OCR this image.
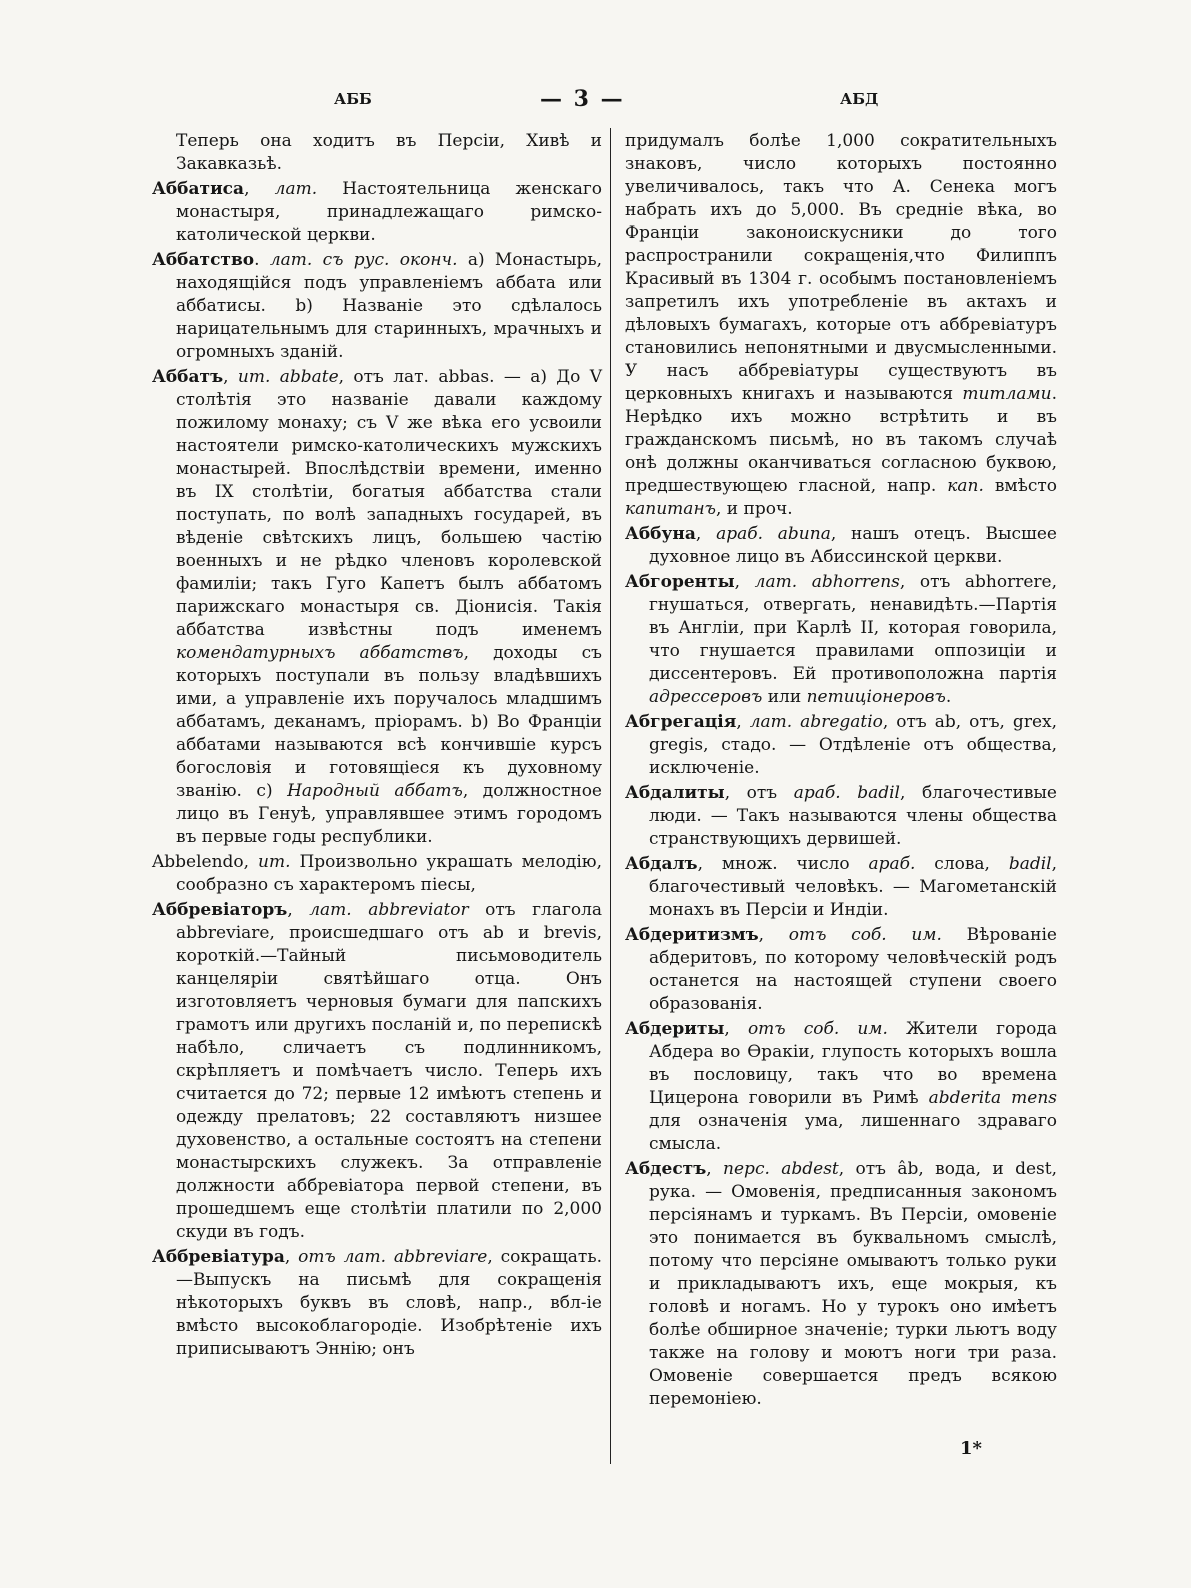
АББ	— 3 —	АБД

Теперь она ходитъ въ Персіи, Хивѣ и Закавказьѣ.

Аббатиса, лат. Настоятельница женскаго монастыря, принадлежащаго римско-католической церкви.

Аббатство. лат. съ рус. оконч. а) Монастырь, находящійся подъ управленіемъ аббата или аббатисы. b) Названіе это сдѣлалось нарицательнымъ для старинныхъ, мрачныхъ и огромныхъ зданій.

Аббатъ, ит. abbate, отъ лат. abbas. — а) До V столѣтія это названіе давали каждому пожилому монаху; съ V же вѣка его усвоили настоятели римско-католическихъ мужскихъ монастырей. Впослѣдствіи времени, именно въ IX столѣтіи, богатыя аббатства стали поступать, по волѣ западныхъ государей, въ вѣденіе свѣтскихъ лицъ, большею частію военныхъ и не рѣдко членовъ королевской фамиліи; такъ Гуго Капетъ былъ аббатомъ парижскаго монастыря св. Діонисія. Такія аббатства извѣстны подъ именемъ комендатурныхъ аббатствъ, доходы съ которыхъ поступали въ пользу владѣвшихъ ими, а управленіе ихъ поручалось младшимъ аббатамъ, деканамъ, пріорамъ. b) Во Франціи аббатами называются всѣ кончившіе курсъ богословія и готовящіеся къ духовному званію. с) Народный аббатъ, должностное лицо въ Генуѣ, управлявшее этимъ городомъ въ первые годы республики.

Abbelendo, ит. Произвольно украшать мелодію, сообразно съ характеромъ піесы,

Аббревіаторъ, лат. abbreviator отъ глагола abbreviare, происшедшаго отъ ab и brevis, короткій.—Тайный письмоводитель канцеляріи святѣйшаго отца. Онъ изготовляетъ черновыя бумаги для папскихъ грамотъ или другихъ посланій и, по перепискѣ набѣло, сличаетъ съ подлинникомъ, скрѣпляетъ и помѣчаетъ число. Теперь ихъ считается до 72; первые 12 имѣютъ степень и одежду прелатовъ; 22 составляютъ низшее духовенство, а остальные состоятъ на степени монастырскихъ служекъ. За отправленіе должности аббревіатора первой степени, въ прошедшемъ еще столѣтіи платили по 2,000 скуди въ годъ.

Аббревіатура, отъ лат. abbreviare, сокращать.—Выпускъ на письмѣ для сокращенія нѣкоторыхъ буквъ въ словѣ, напр., вбл-іе вмѣсто высокоблагородіе. Изобрѣтеніе ихъ приписываютъ Эннію; онъ

придумалъ болѣе 1,000 сократительныхъ знаковъ, число которыхъ постоянно увеличивалось, такъ что А. Сенека могъ набрать ихъ до 5,000. Въ средніе вѣка, во Франціи законоискусники до того распространили сокращенія,что Филиппъ Красивый въ 1304 г. особымъ постановленіемъ запретилъ ихъ употребленіе въ актахъ и дѣловыхъ бумагахъ, которые отъ аббревіатуръ становились непонятными и двусмысленными. У насъ аббревіатуры существуютъ въ церковныхъ книгахъ и называются титлами. Нерѣдко ихъ можно встрѣтить и въ гражданскомъ письмѣ, но въ такомъ случаѣ онѣ должны оканчиваться согласною буквою, предшествующею гласной, напр. кап. вмѣсто капитанъ, и проч.

Аббуна, араб. abuna, нашъ отецъ. Высшее духовное лицо въ Абиссинской церкви.

Абгоренты, лат. abhorrens, отъ abhorrere, гнушаться, отвергать, ненавидѣть.—Партія въ Англіи, при Карлѣ II, которая говорила, что гнушается правилами оппозиціи и диссентеровъ. Ей противоположна партія адрессеровъ или петиціонеровъ.

Абгрегація, лат. abregatio, отъ ab, отъ, grex, gregis, стадо. — Отдѣленіе отъ общества, исключеніе.

Абдалиты, отъ араб. badil, благочестивые люди. — Такъ называются члены общества странствующихъ дервишей.

Абдалъ, множ. число араб. слова, badil, благочестивый человѣкъ. — Магометанскій монахъ въ Персіи и Индіи.

Абдеритизмъ, отъ соб. им. Вѣрованіе абдеритовъ, по которому человѣческій родъ останется на настоящей ступени своего образованія.

Абдериты, отъ соб. им. Жители города Абдера во Ѳракіи, глупость которыхъ вошла въ пословицу, такъ что во времена Цицерона говорили въ Римѣ abderita mens для означенія ума, лишеннаго здраваго смысла.

Абдестъ, перс. abdest, отъ âb, вода, и dest, рука. — Омовенія, предписанныя закономъ персіянамъ и туркамъ. Въ Персіи, омовеніе это понимается въ буквальномъ смыслѣ, потому что персіяне омываютъ только руки и прикладываютъ ихъ, еще мокрыя, къ головѣ и ногамъ. Но у турокъ оно имѣетъ болѣе обширное значеніе; турки льютъ воду также на голову и моютъ ноги три раза. Омовеніе совершается предъ всякою перемоніею.

1*
